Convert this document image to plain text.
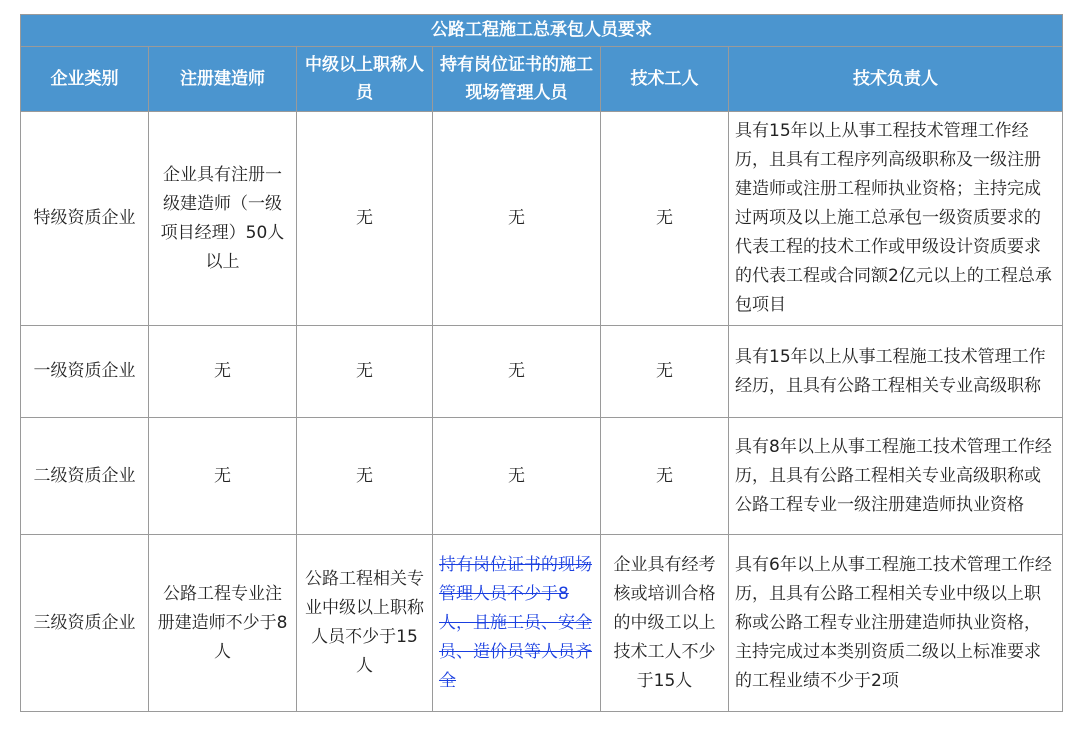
公路工程施工总承包人员要求					
企业类别	注册建造师	中级以上职称人员	持有岗位证书的施工现场管理人员	技术工人	技术负责人
特级资质企业	企业具有注册一级建造师（一级项目经理）50人以上	无	无	无	具有15年以上从事工程技术管理工作经历，且具有工程序列高级职称及一级注册建造师或注册工程师执业资格；主持完成过两项及以上施工总承包一级资质要求的代表工程的技术工作或甲级设计资质要求的代表工程或合同额2亿元以上的工程总承包项目
一级资质企业	无	无	无	无	具有15年以上从事工程施工技术管理工作经历，且具有公路工程相关专业高级职称
二级资质企业	无	无	无	无	具有8年以上从事工程施工技术管理工作经历，且具有公路工程相关专业高级职称或公路工程专业一级注册建造师执业资格
三级资质企业	公路工程专业注册建造师不少于8人	公路工程相关专业中级以上职称人员不少于15人	持有岗位证书的现场管理人员不少于8人，且施工员、安全员、造价员等人员齐全	企业具有经考核或培训合格的中级工以上技术工人不少于15人	具有6年以上从事工程施工技术管理工作经历，且具有公路工程相关专业中级以上职称或公路工程专业注册建造师执业资格，主持完成过本类别资质二级以上标准要求的工程业绩不少于2项
